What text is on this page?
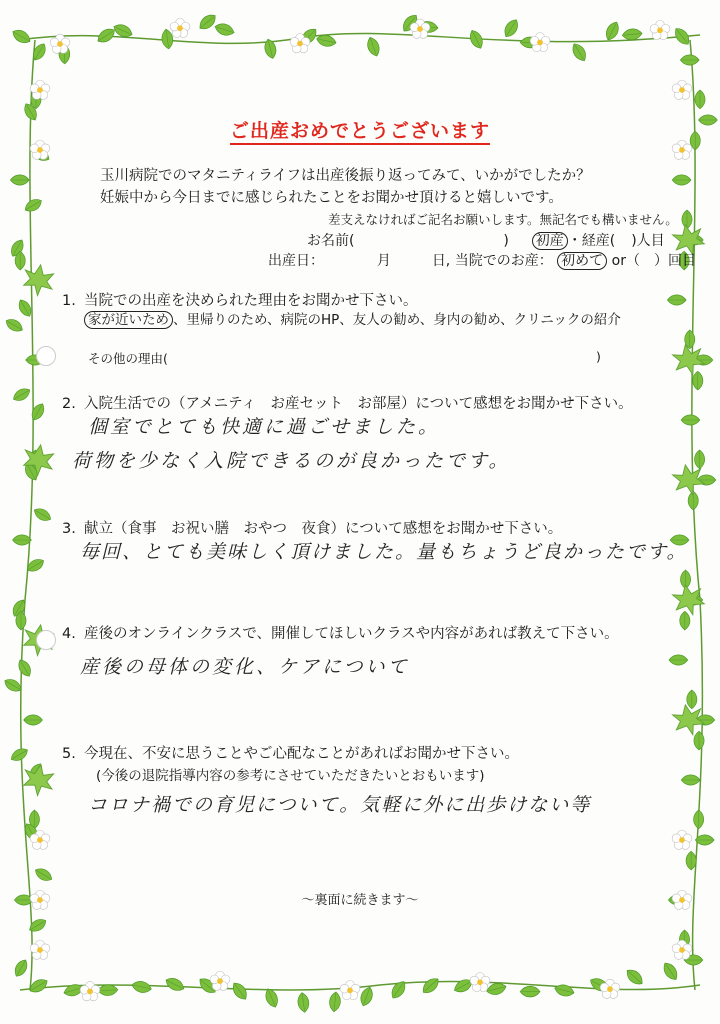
ご出産おめでとうございます
玉川病院でのマタニティライフは出産後振り返ってみて、いかがでしたか？
妊娠中から今日までに感じられたことをお聞かせ頂けると嬉しいです。
差支えなければご記名お願いします。無記名でも構いません。
お名前(	) 初産 ・経産( )人目
出産日：	月	日, 当院でのお産： 初めて or（　）回目
1. 当院での出産を決められた理由をお聞かせ下さい。
家が近いため 、里帰りのため、病院のHP、友人の勧め、身内の勧め、クリニックの紹介
その他の理由(	)
2. 入院生活での（アメニティ　お産セット　お部屋）について感想をお聞かせ下さい。
個室でとても快適に過ごせました。
荷物を少なく入院できるのが良かったです。
3. 献立（食事　お祝い膳　おやつ　夜食）について感想をお聞かせ下さい。
毎回、とても美味しく頂けました。量もちょうど良かったです。
4. 産後のオンラインクラスで、開催してほしいクラスや内容があれば教えて下さい。
産後の母体の変化、ケアについて
5. 今現在、不安に思うことやご心配なことがあればお聞かせ下さい。
(今後の退院指導内容の参考にさせていただきたいとおもいます)
コロナ禍での育児について。気軽に外に出歩けない等
〜裏面に続きます〜
